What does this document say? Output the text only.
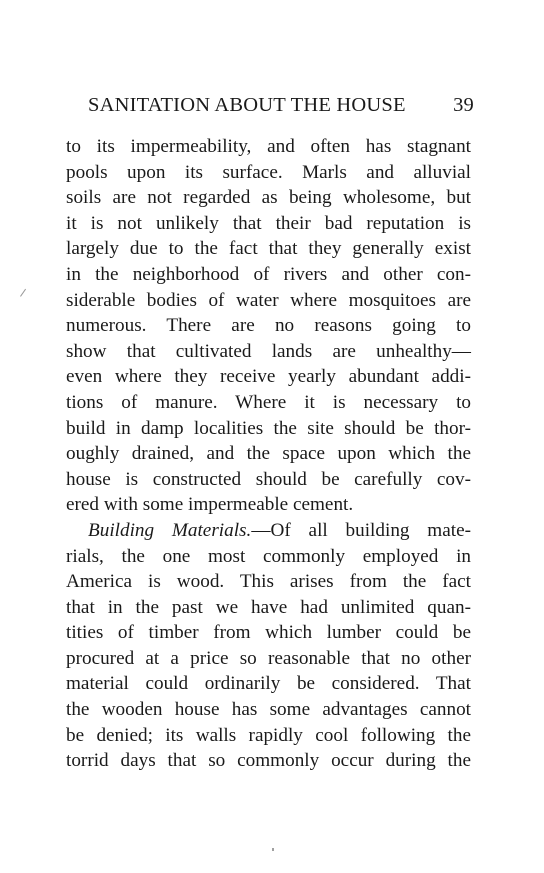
SANITATION ABOUT THE HOUSE 39
to its impermeability, and often has stagnant
pools upon its surface. Marls and alluvial
soils are not regarded as being wholesome, but
it is not unlikely that their bad reputation is
largely due to the fact that they generally exist
in the neighborhood of rivers and other con-
siderable bodies of water where mosquitoes are
numerous. There are no reasons going to
show that cultivated lands are unhealthy—
even where they receive yearly abundant addi-
tions of manure. Where it is necessary to
build in damp localities the site should be thor-
oughly drained, and the space upon which the
house is constructed should be carefully cov-
ered with some impermeable cement.
Building Materials.—Of all building mate-
rials, the one most commonly employed in
America is wood. This arises from the fact
that in the past we have had unlimited quan-
tities of timber from which lumber could be
procured at a price so reasonable that no other
material could ordinarily be considered. That
the wooden house has some advantages cannot
be denied; its walls rapidly cool following the
torrid days that so commonly occur during the
